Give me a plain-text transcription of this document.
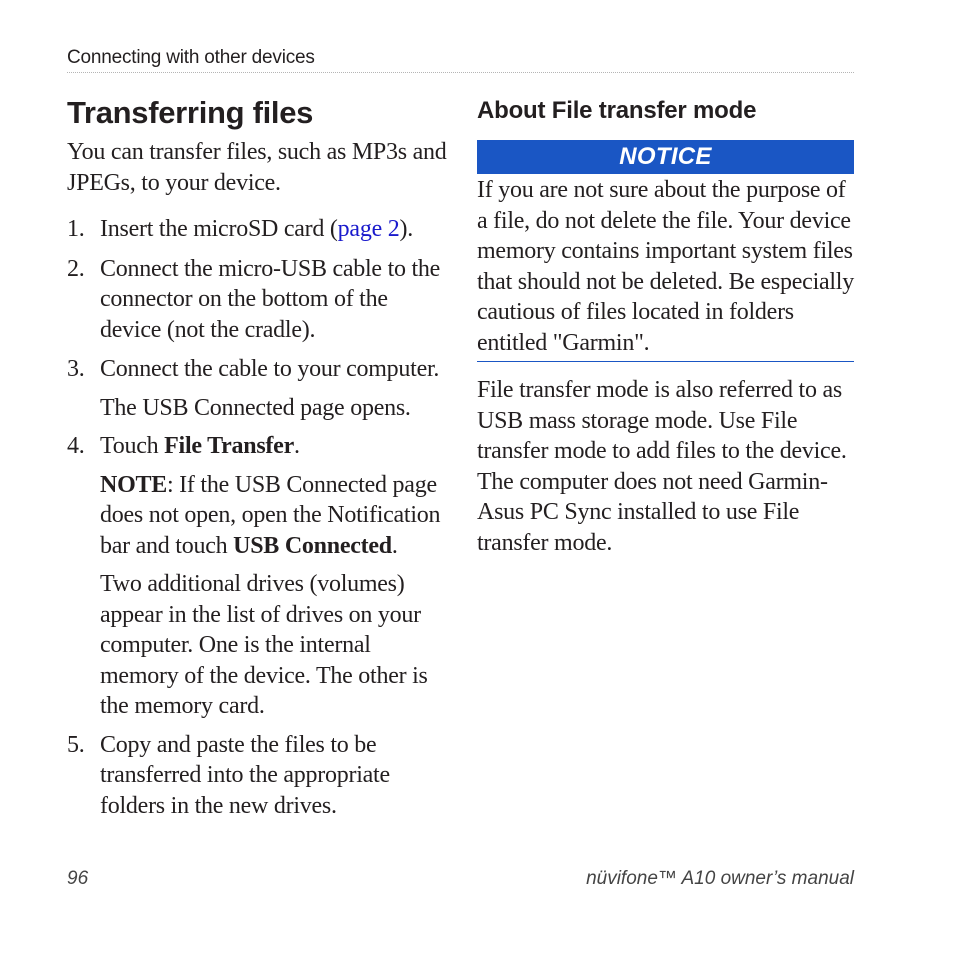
Connecting with other devices
Transferring files

You can transfer files, such as MP3s and JPEGs, to your device.

1. Insert the microSD card (page 2).
2. Connect the micro-USB cable to the connector on the bottom of the device (not the cradle).
3. Connect the cable to your computer.

The USB Connected page opens.

4. Touch File Transfer.

NOTE: If the USB Connected page does not open, open the Notification bar and touch USB Connected.

Two additional drives (volumes) appear in the list of drives on your computer. One is the internal memory of the device. The other is the memory card.

5. Copy and paste the files to be transferred into the appropriate folders in the new drives.
About File transfer mode
NOTICE

If you are not sure about the purpose of a file, do not delete the file. Your device memory contains important system files that should not be deleted. Be especially cautious of files located in folders entitled "Garmin".

File transfer mode is also referred to as USB mass storage mode. Use File transfer mode to add files to the device. The computer does not need Garmin-Asus PC Sync installed to use File transfer mode.

96	nüvifone™ A10 owner’s manual
